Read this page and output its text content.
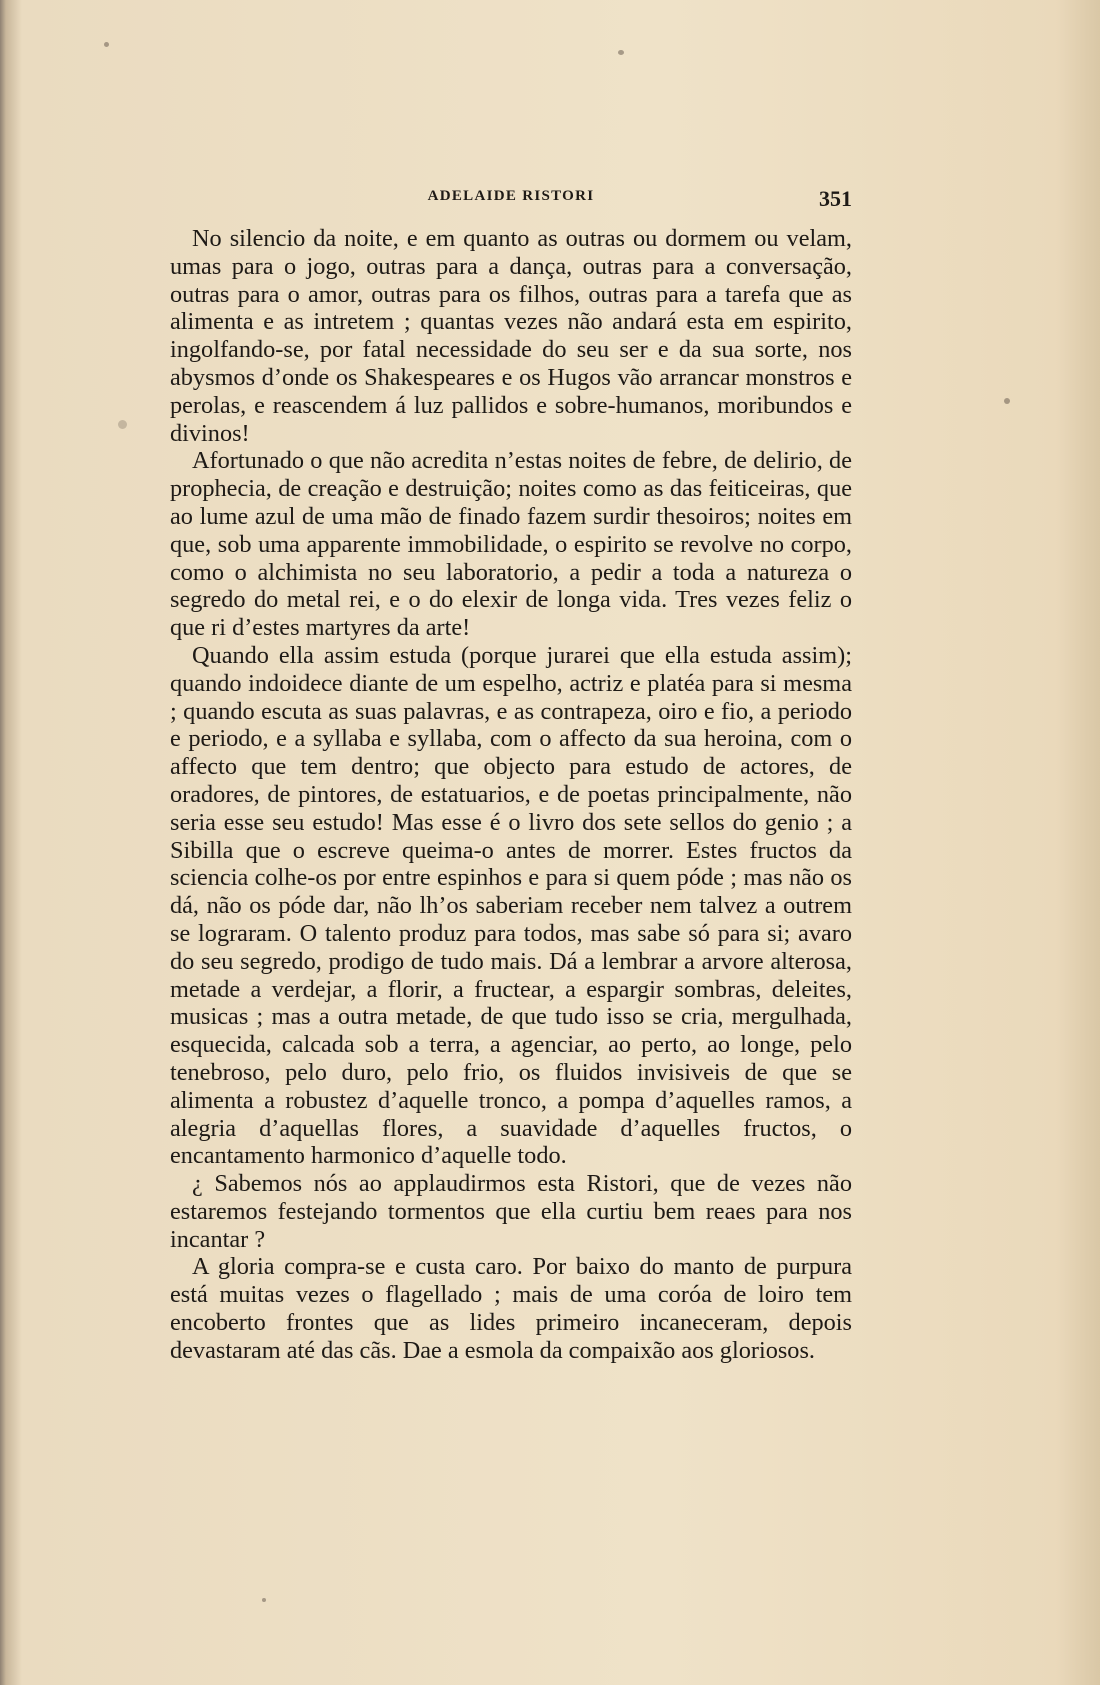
ADELAIDE RISTORI	351

No silencio da noite, e em quanto as outras ou dormem ou velam, umas para o jogo, outras para a dança, outras para a conversação, outras para o amor, outras para os filhos, outras para a tarefa que as alimenta e as intretem ; quantas vezes não andará esta em espirito, ingolfando-se, por fatal necessidade do seu ser e da sua sorte, nos abysmos d’onde os Shakespeares e os Hugos vão arrancar monstros e perolas, e reascendem á luz pallidos e sobre-humanos, moribundos e divinos!

Afortunado o que não acredita n’estas noites de febre, de delirio, de prophecia, de creação e destruição; noites como as das feiticeiras, que ao lume azul de uma mão de finado fazem surdir thesoiros; noites em que, sob uma apparente immobilidade, o espirito se revolve no corpo, como o alchimista no seu laboratorio, a pedir a toda a natureza o segredo do metal rei, e o do elexir de longa vida. Tres vezes feliz o que ri d’estes martyres da arte!

Quando ella assim estuda (porque jurarei que ella estuda assim); quando indoidece diante de um espelho, actriz e platéa para si mesma ; quando escuta as suas palavras, e as contrapeza, oiro e fio, a periodo e periodo, e a syllaba e syllaba, com o affecto da sua heroina, com o affecto que tem dentro; que objecto para estudo de actores, de oradores, de pintores, de estatuarios, e de poetas principalmente, não seria esse seu estudo! Mas esse é o livro dos sete sellos do genio ; a Sibilla que o escreve queima-o antes de morrer. Estes fructos da sciencia colhe-os por entre espinhos e para si quem póde ; mas não os dá, não os póde dar, não lh’os saberiam receber nem talvez a outrem se lograram. O talento produz para todos, mas sabe só para si; avaro do seu segredo, prodigo de tudo mais. Dá a lembrar a arvore alterosa, metade a verdejar, a florir, a fructear, a espargir sombras, deleites, musicas ; mas a outra metade, de que tudo isso se cria, mergulhada, esquecida, calcada sob a terra, a agenciar, ao perto, ao longe, pelo tenebroso, pelo duro, pelo frio, os fluidos invisiveis de que se alimenta a robustez d’aquelle tronco, a pompa d’aquelles ramos, a alegria d’aquellas flores, a suavidade d’aquelles fructos, o encantamento harmonico d’aquelle todo.

¿ Sabemos nós ao applaudirmos esta Ristori, que de vezes não estaremos festejando tormentos que ella curtiu bem reaes para nos incantar ?

A gloria compra-se e custa caro. Por baixo do manto de purpura está muitas vezes o flagellado ; mais de uma coróa de loiro tem encoberto frontes que as lides primeiro incaneceram, depois devastaram até das cãs. Dae a esmola da compaixão aos gloriosos.
